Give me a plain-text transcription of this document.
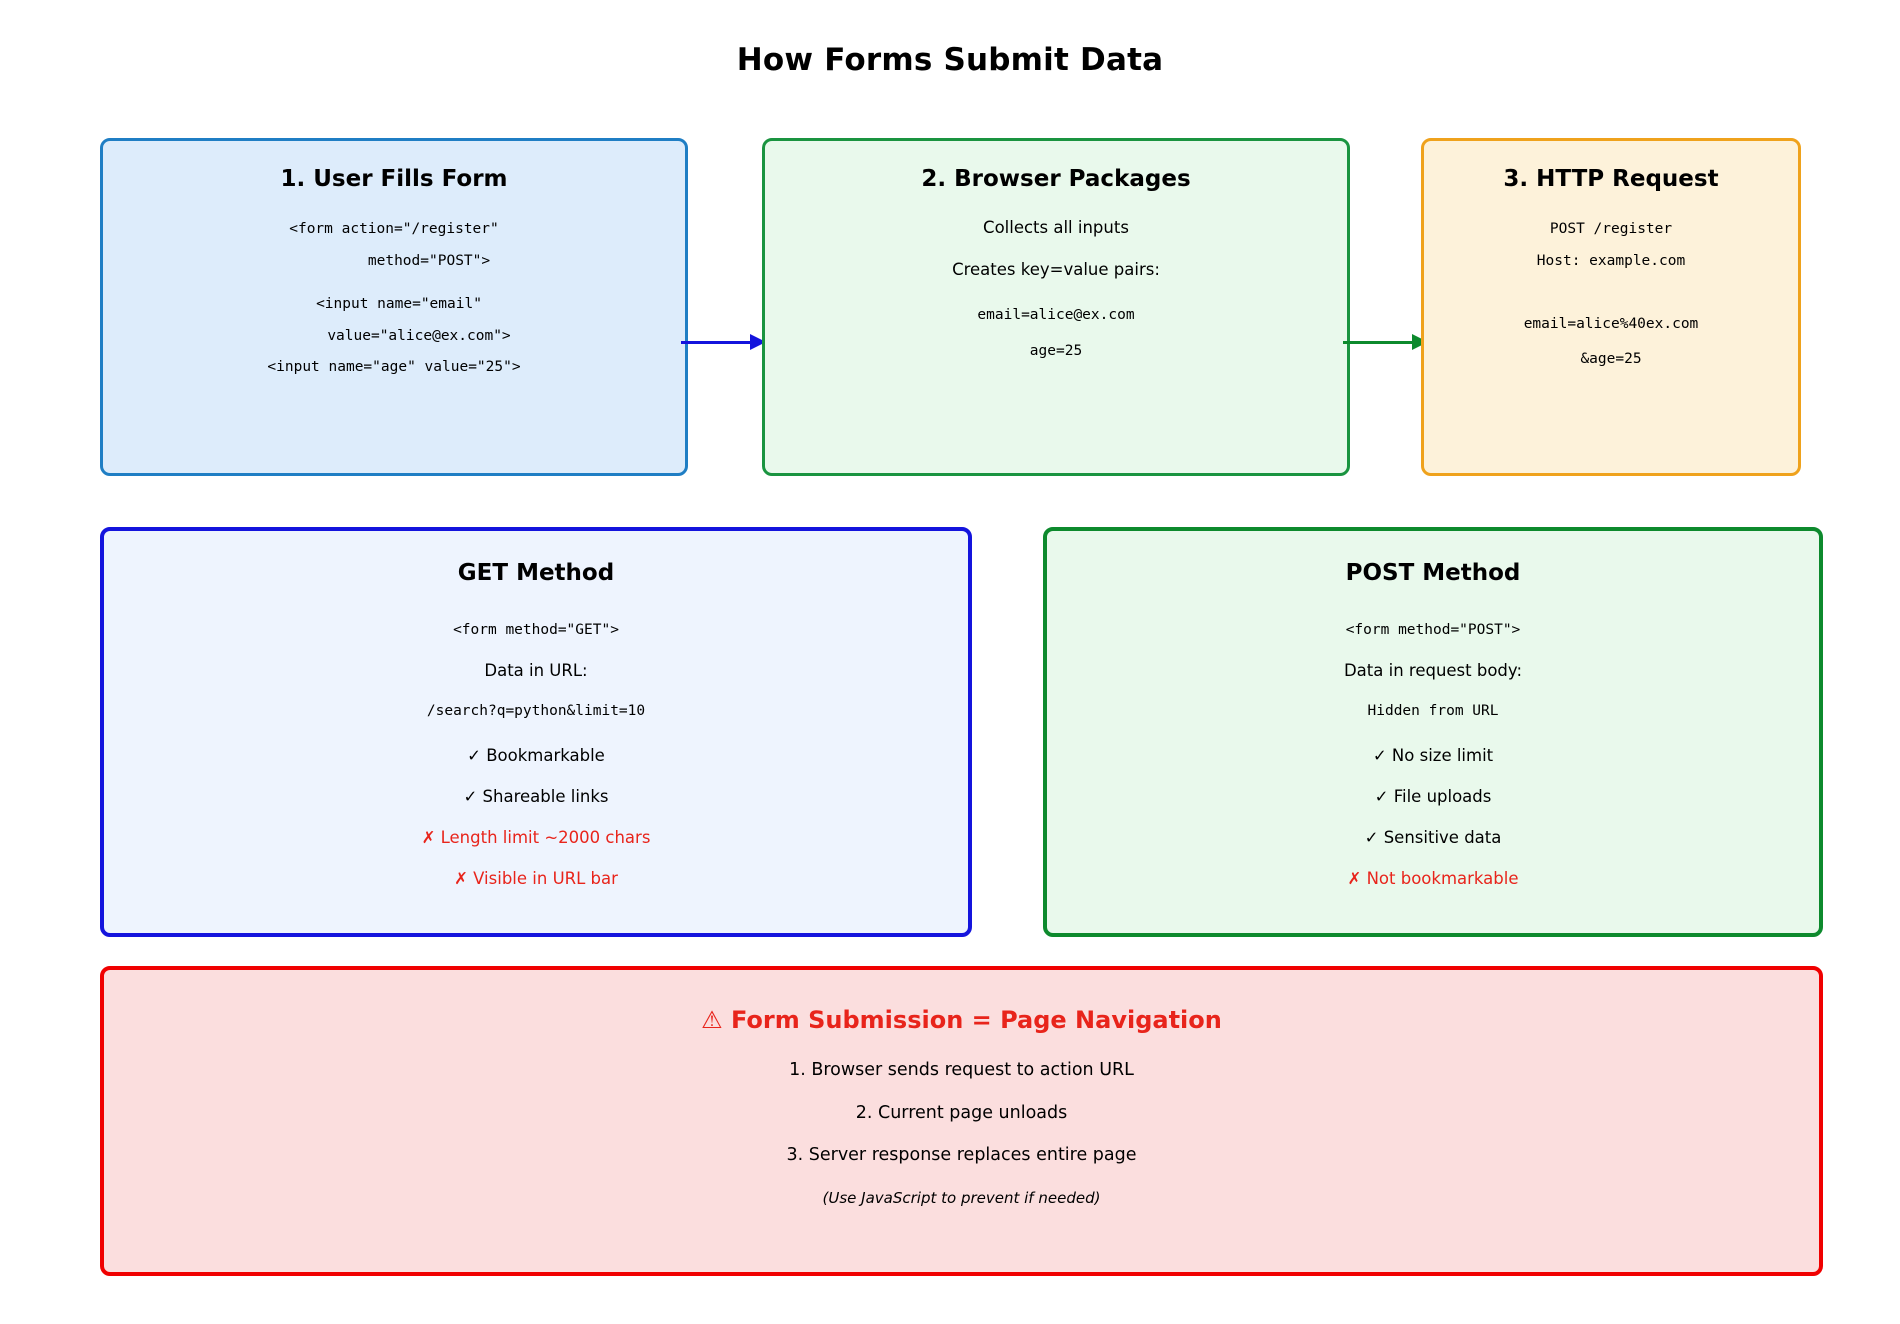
How Forms Submit Data
1. User Fills Form
<form action="/register"
method="POST">
<input name="email"
value="alice@ex.com">
<input name="age" value="25">
2. Browser Packages
Collects all inputs
Creates key=value pairs:
email=alice@ex.com
age=25
3. HTTP Request
POST /register
Host: example.com

email=alice%40ex.com
&age=25
GET Method
<form method="GET">
Data in URL:
/search?q=python&limit=10
✓ Bookmarkable
✓ Shareable links
✗ Length limit ~2000 chars
✗ Visible in URL bar
POST Method
<form method="POST">
Data in request body:
Hidden from URL
✓ No size limit
✓ File uploads
✓ Sensitive data
✗ Not bookmarkable
⚠ Form Submission = Page Navigation
1. Browser sends request to action URL
2. Current page unloads
3. Server response replaces entire page
(Use JavaScript to prevent if needed)
